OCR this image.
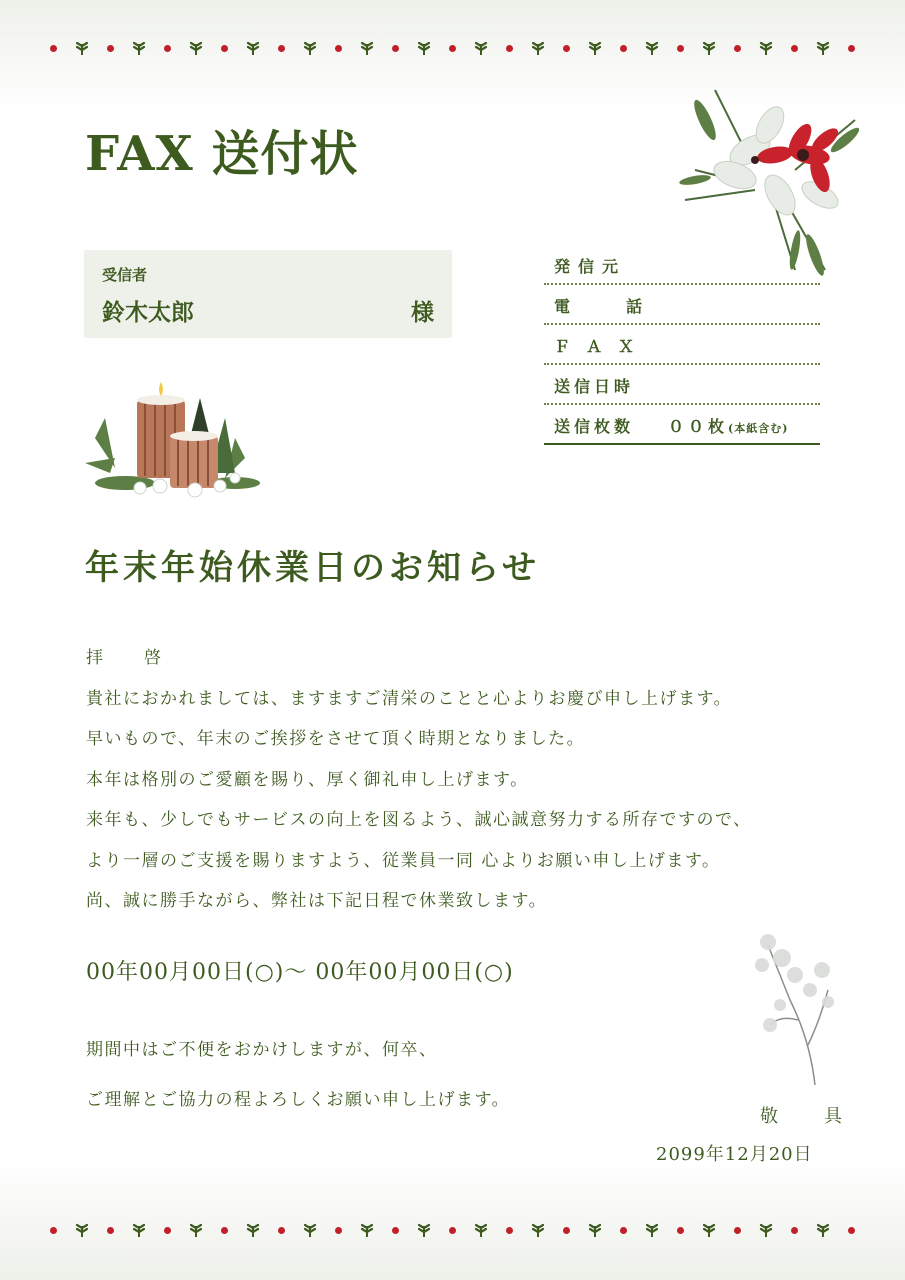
FAX 送付状
受信者
鈴木太郎	様
発信元
電　話
ＦＡＸ
送信日時
送信枚数 ００枚(本紙含む)
年末年始休業日のお知らせ
拝　啓
貴社におかれましては、ますますご清栄のことと心よりお慶び申し上げます。
早いもので、年末のご挨拶をさせて頂く時期となりました。
本年は格別のご愛顧を賜り、厚く御礼申し上げます。
来年も、少しでもサービスの向上を図るよう、誠心誠意努力する所存ですので、
より一層のご支援を賜りますよう、従業員一同 心よりお願い申し上げます。
尚、誠に勝手ながら、弊社は下記日程で休業致します。
00年00月00日(○)〜 00年00月00日(○)
期間中はご不便をおかけしますが、何卒、
ご理解とご協力の程よろしくお願い申し上げます。
敬　具
2099年12月20日
